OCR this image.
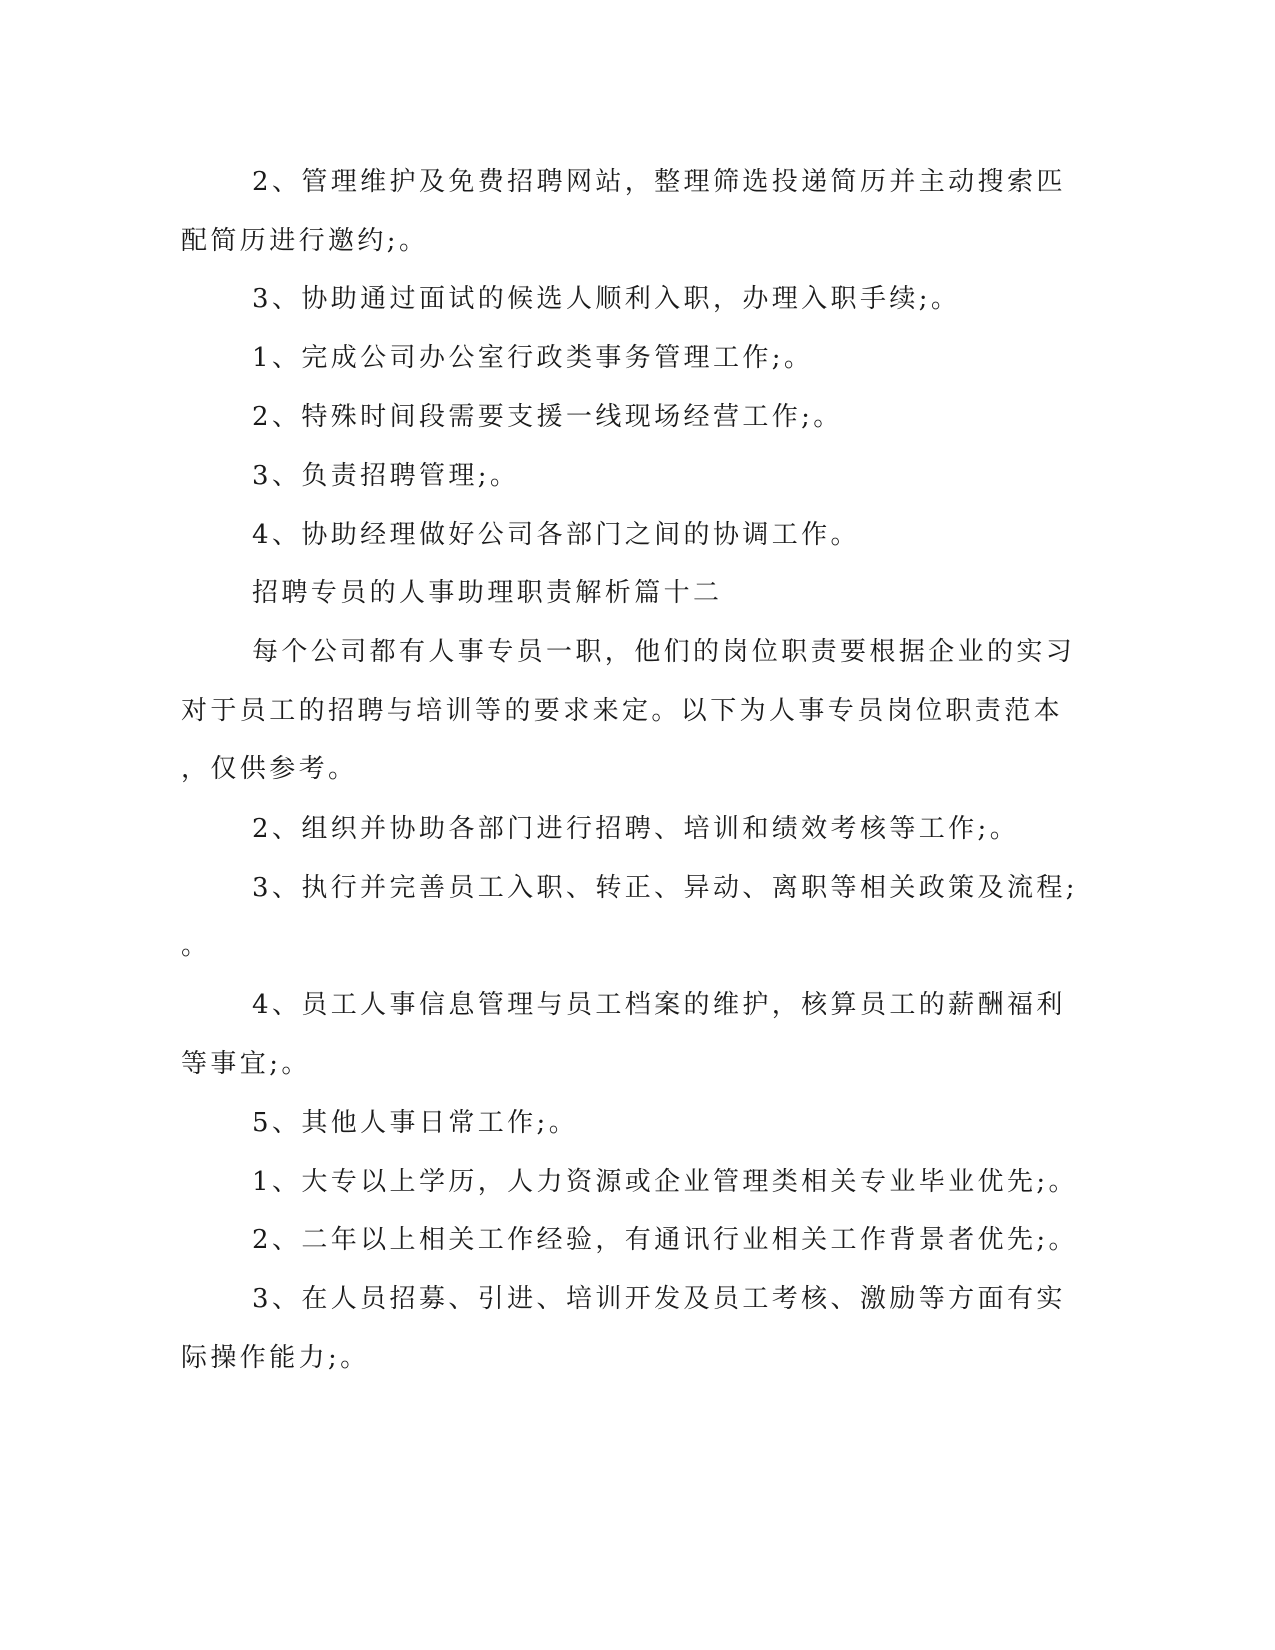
2、管理维护及免费招聘网站，整理筛选投递简历并主动搜索匹
配简历进行邀约;。
3、协助通过面试的候选人顺利入职，办理入职手续;。
1、完成公司办公室行政类事务管理工作;。
2、特殊时间段需要支援一线现场经营工作;。
3、负责招聘管理;。
4、协助经理做好公司各部门之间的协调工作。
招聘专员的人事助理职责解析篇十二
每个公司都有人事专员一职，他们的岗位职责要根据企业的实习
对于员工的招聘与培训等的要求来定。以下为人事专员岗位职责范本
，仅供参考。
2、组织并协助各部门进行招聘、培训和绩效考核等工作;。
3、执行并完善员工入职、转正、异动、离职等相关政策及流程;
。
4、员工人事信息管理与员工档案的维护，核算员工的薪酬福利
等事宜;。
5、其他人事日常工作;。
1、大专以上学历，人力资源或企业管理类相关专业毕业优先;。
2、二年以上相关工作经验，有通讯行业相关工作背景者优先;。
3、在人员招募、引进、培训开发及员工考核、激励等方面有实
际操作能力;。
